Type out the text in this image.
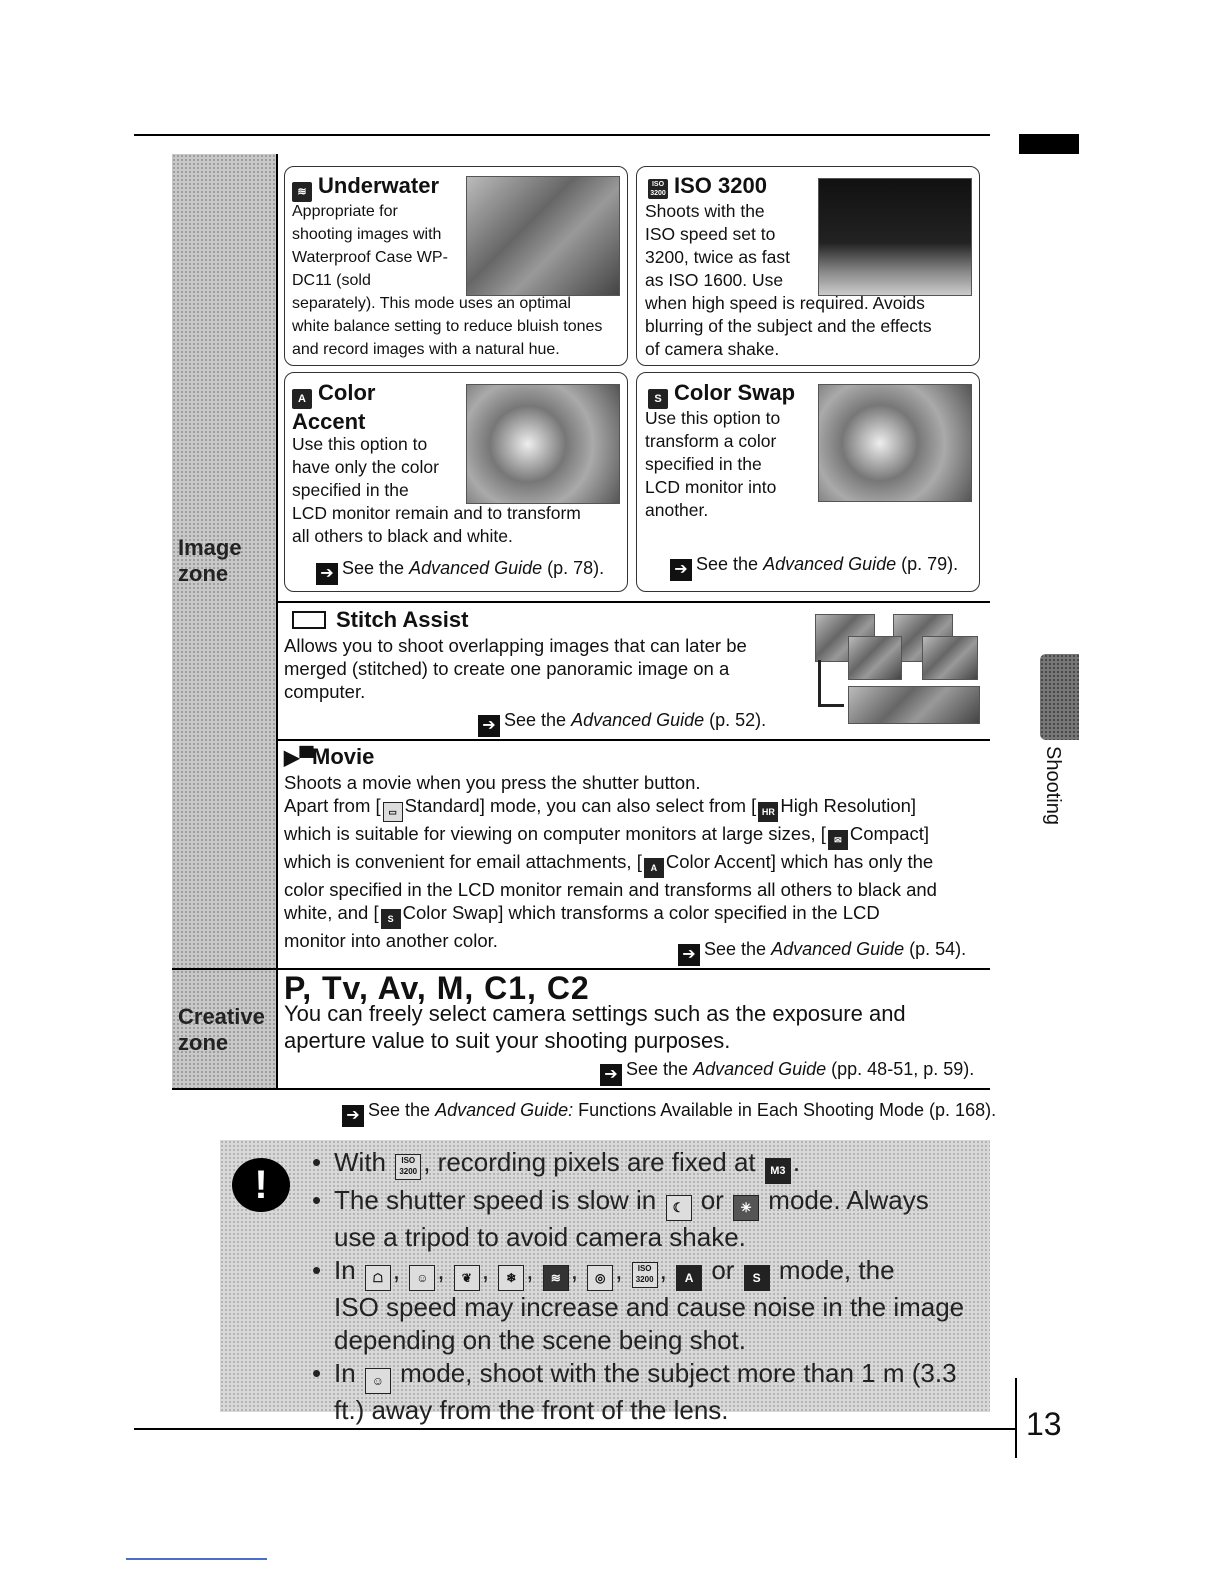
Image
zone
Creative
zone
≋ Underwater
Appropriate for
shooting images with
Waterproof Case WP-
DC11 (sold
separately). This mode uses an optimal
white balance setting to reduce bluish tones
and record images with a natural hue.
ISO
3200 ISO 3200
Shoots with the
ISO speed set to
3200, twice as fast
as ISO 1600. Use
when high speed is required. Avoids
blurring of the subject and the effects
of camera shake.
A Color
Accent
Use this option to
have only the color
specified in the
LCD monitor remain and to transform
all others to black and white.
➔ See the Advanced Guide (p. 78).
S Color Swap
Use this option to
transform a color
specified in the
LCD monitor into
another.
➔ See the Advanced Guide (p. 79).
Stitch Assist
Allows you to shoot overlapping images that can later be
merged (stitched) to create one panoramic image on a
computer.
➔ See the Advanced Guide (p. 52).
▶▀Movie
Shoots a movie when you press the shutter button.
Apart from [ ▭ Standard] mode, you can also select from [ HR High Resolution]
which is suitable for viewing on computer monitors at large sizes, [ ✉ Compact]
which is convenient for email attachments, [ A Color Accent] which has only the
color specified in the LCD monitor remain and transforms all others to black and
white, and [ S Color Swap] which transforms a color specified in the LCD
monitor into another color.
➔ See the Advanced Guide (p. 54).
P, Tv, Av, M, C1, C2
You can freely select camera settings such as the exposure and
aperture value to suit your shooting purposes.
➔ See the Advanced Guide (pp. 48-51, p. 59).
➔ See the Advanced Guide: Functions Available in Each Shooting Mode (p. 168).
!
• With ISO
3200 , recording pixels are fixed at M3 .
• The shutter speed is slow in ☾ or ✳ mode. Always
use a tripod to avoid camera shake.
• In ☖ , ☺ , ❦ , ❄ , ≋ , ◎ , ISO
3200 , A or S mode, the
ISO speed may increase and cause noise in the image
depending on the scene being shot.
• In ☺ mode, shoot with the subject more than 1 m (3.3
ft.) away from the front of the lens.
Shooting
13
